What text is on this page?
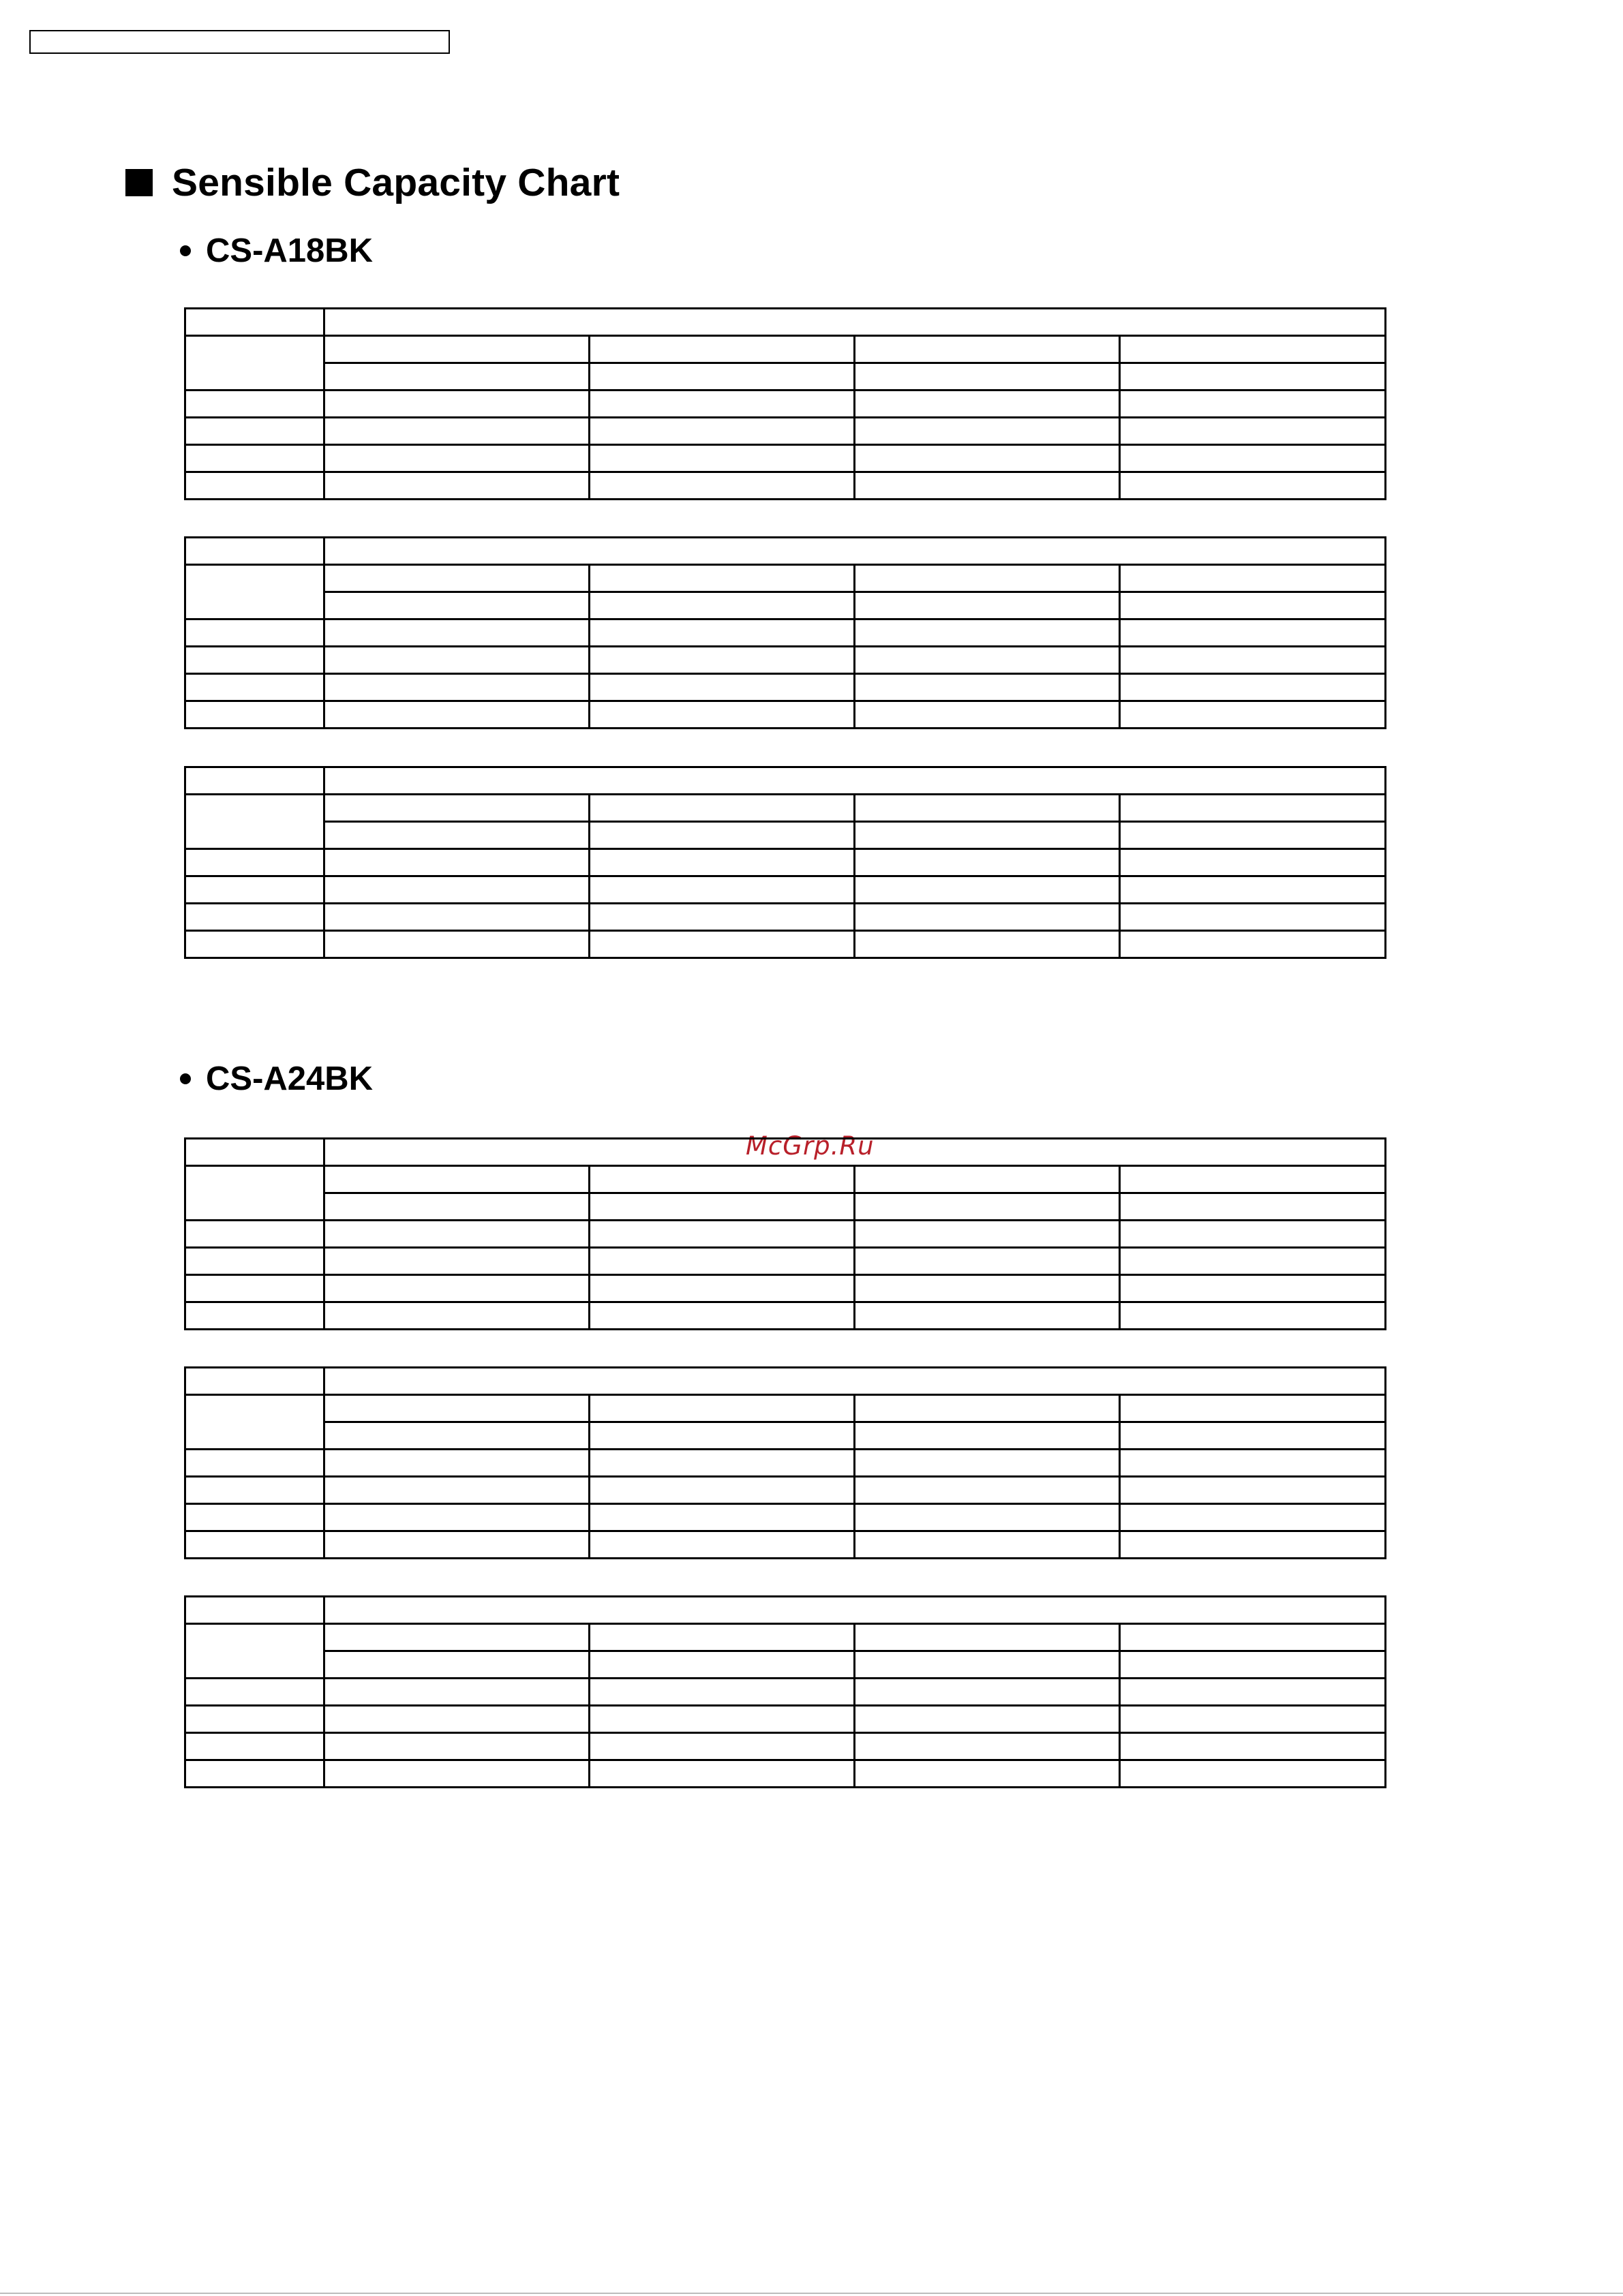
Sensible Capacity Chart
CS-A18BK
CS-A24BK
McGrp.Ru
